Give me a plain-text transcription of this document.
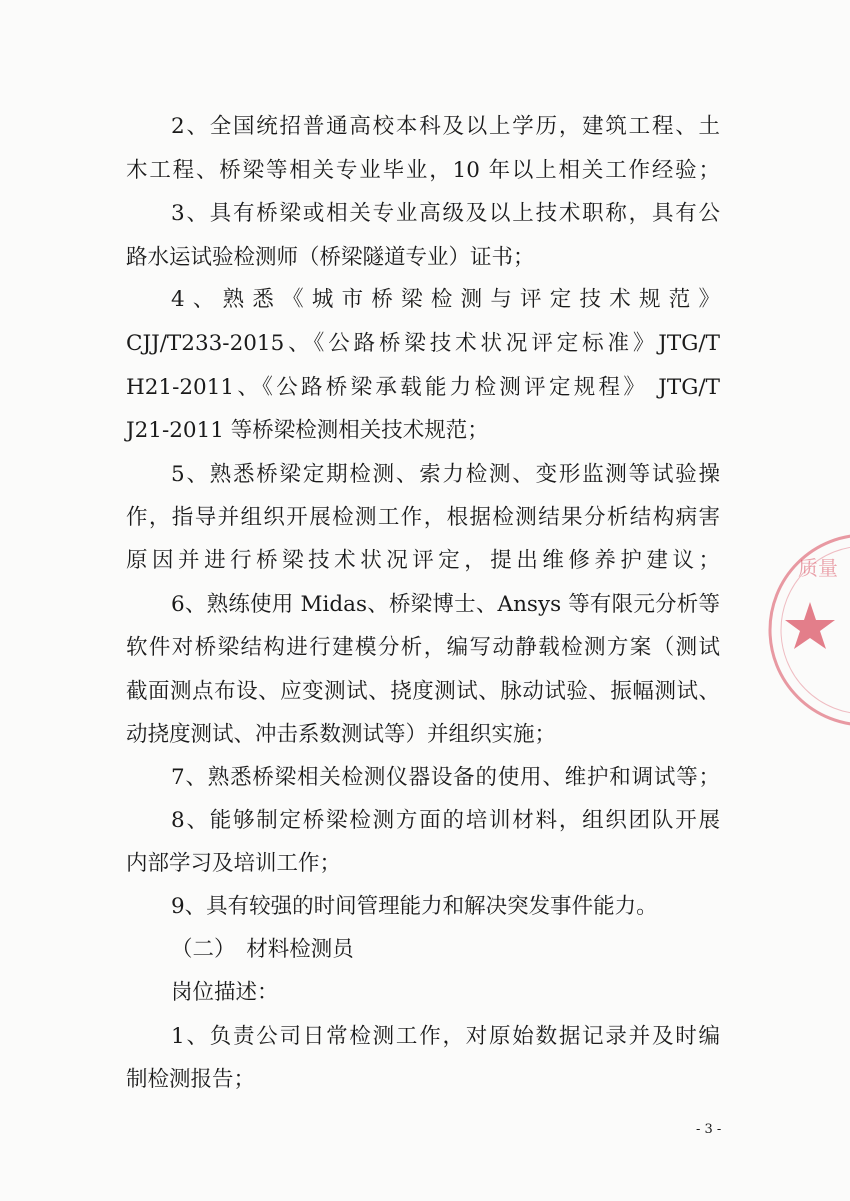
2、全国统招普通高校本科及以上学历，建筑工程、土
木工程、桥梁等相关专业毕业，10 年以上相关工作经验；
3、具有桥梁或相关专业高级及以上技术职称，具有公
路水运试验检测师（桥梁隧道专业）证书；
4、熟悉《城市桥梁检测与评定技术规范》
CJJ/T233-2015、《公路桥梁技术状况评定标准》JTG/T
H21-2011、《公路桥梁承载能力检测评定规程》 JTG/T
J21-2011 等桥梁检测相关技术规范；
5、熟悉桥梁定期检测、索力检测、变形监测等试验操
作，指导并组织开展检测工作，根据检测结果分析结构病害
原因并进行桥梁技术状况评定，提出维修养护建议；
6、熟练使用 Midas、桥梁博士、Ansys 等有限元分析等
软件对桥梁结构进行建模分析，编写动静载检测方案（测试
截面测点布设、应变测试、挠度测试、脉动试验、振幅测试、
动挠度测试、冲击系数测试等）并组织实施；
7、熟悉桥梁相关检测仪器设备的使用、维护和调试等；
8、能够制定桥梁检测方面的培训材料，组织团队开展
内部学习及培训工作；
9、具有较强的时间管理能力和解决突发事件能力。
（二）　材料检测员
岗位描述：
1、负责公司日常检测工作，对原始数据记录并及时编
制检测报告；
质量
- 3 -
